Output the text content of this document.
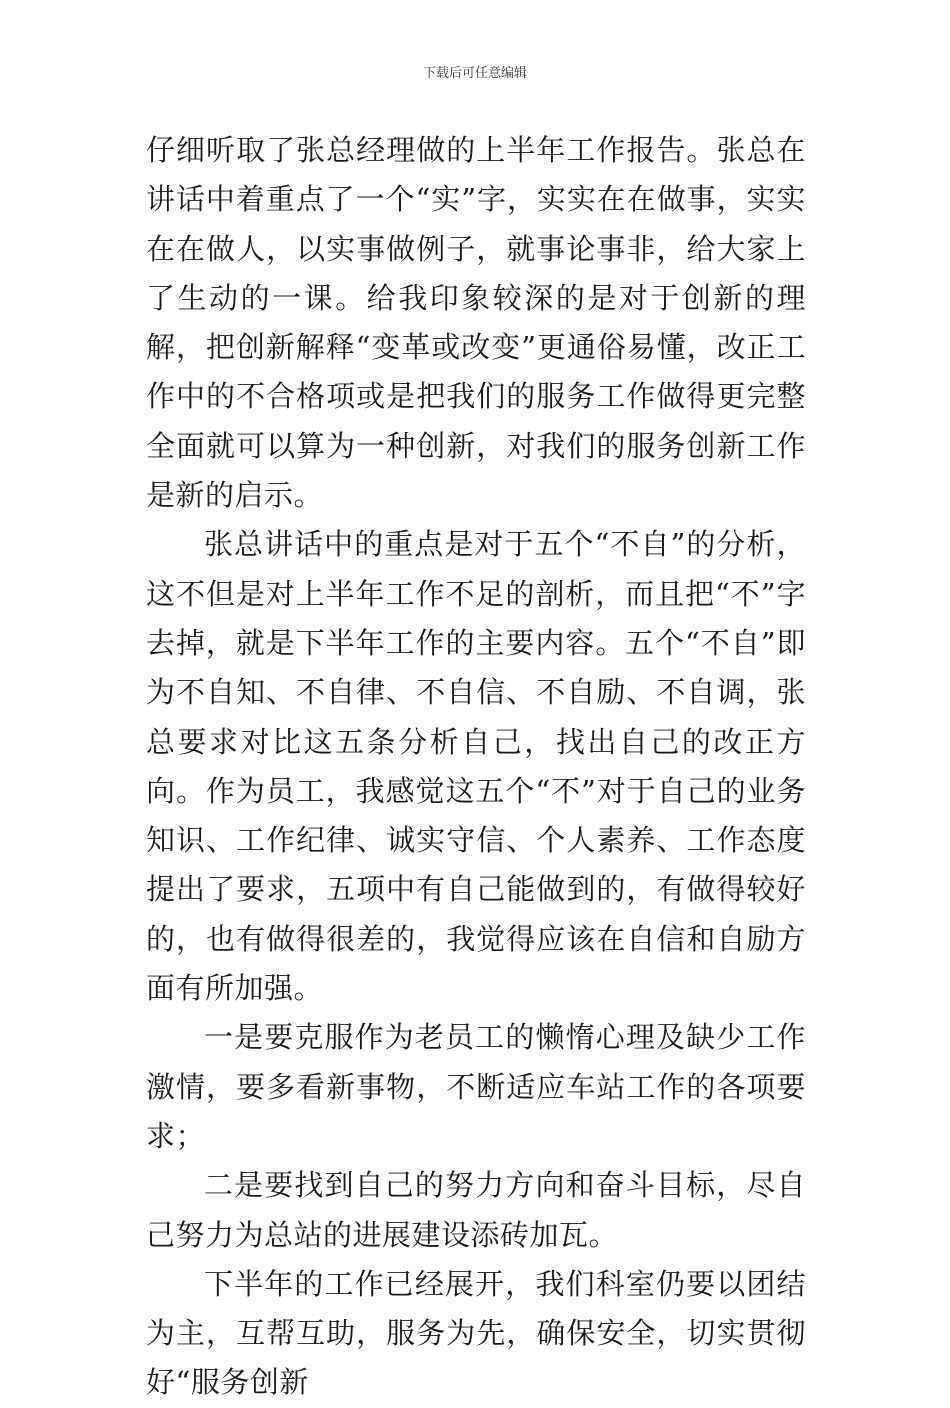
下载后可任意编辑

仔细听取了张总经理做的上半年工作报告。张总在讲话中着重点了一个“实”字，实实在在做事，实实在在做人，以实事做例子，就事论事非，给大家上了生动的一课。给我印象较深的是对于创新的理解，把创新解释“变革或改变”更通俗易懂，改正工作中的不合格项或是把我们的服务工作做得更完整全面就可以算为一种创新，对我们的服务创新工作是新的启示。

张总讲话中的重点是对于五个“不自”的分析，这不但是对上半年工作不足的剖析，而且把“不”字去掉，就是下半年工作的主要内容。五个“不自”即为不自知、不自律、不自信、不自励、不自调，张总要求对比这五条分析自己，找出自己的改正方向。作为员工，我感觉这五个“不”对于自己的业务知识、工作纪律、诚实守信、个人素养、工作态度提出了要求，五项中有自己能做到的，有做得较好的，也有做得很差的，我觉得应该在自信和自励方面有所加强。

一是要克服作为老员工的懒惰心理及缺少工作激情，要多看新事物，不断适应车站工作的各项要求；

二是要找到自己的努力方向和奋斗目标，尽自己努力为总站的进展建设添砖加瓦。

下半年的工作已经展开，我们科室仍要以团结为主，互帮互助，服务为先，确保安全，切实贯彻好“服务创新
